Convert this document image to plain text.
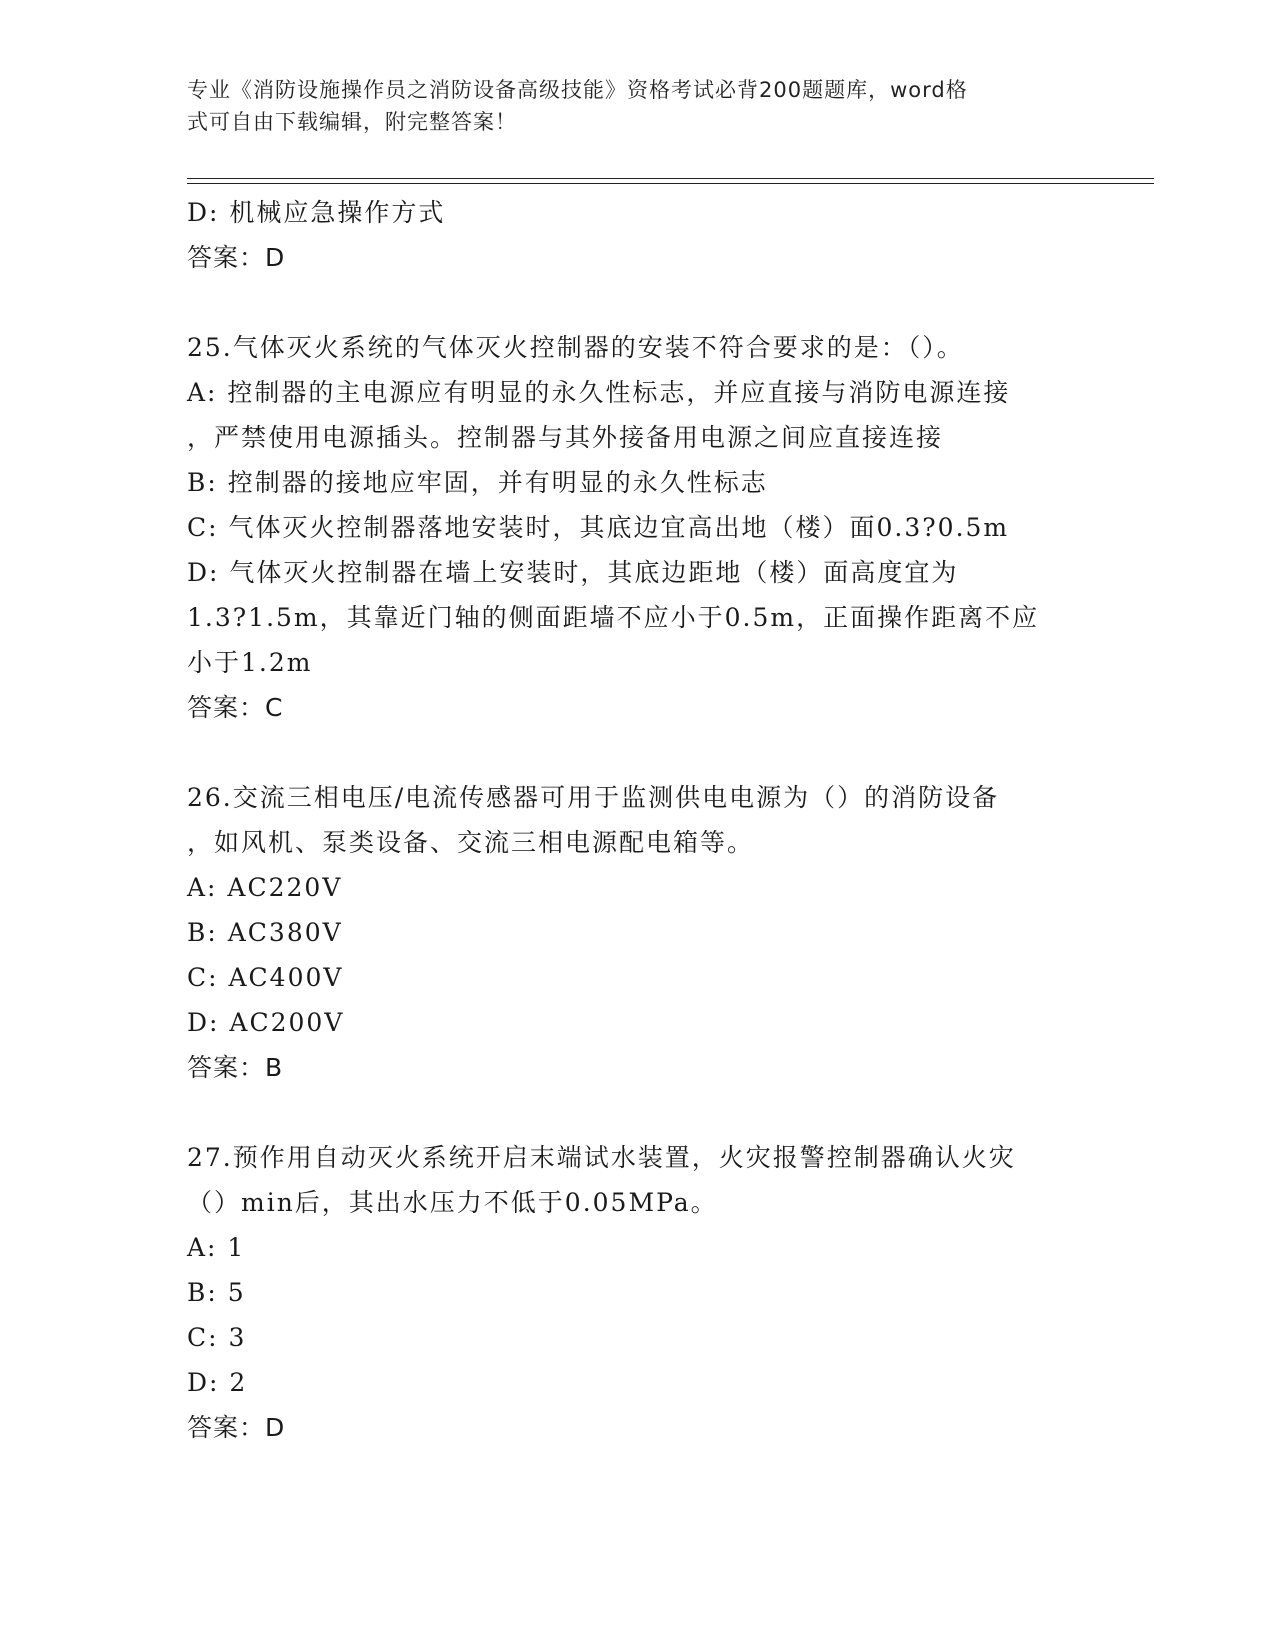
专业《消防设施操作员之消防设备高级技能》资格考试必背200题题库，word格
式可自由下载编辑，附完整答案！
D: 机械应急操作方式
答案：D
25.气体灭火系统的气体灭火控制器的安装不符合要求的是：（）。
A: 控制器的主电源应有明显的永久性标志，并应直接与消防电源连接
，严禁使用电源插头。控制器与其外接备用电源之间应直接连接
B: 控制器的接地应牢固，并有明显的永久性标志
C: 气体灭火控制器落地安装时，其底边宜高出地（楼）面0.3?0.5m
D: 气体灭火控制器在墙上安装时，其底边距地（楼）面高度宜为
1.3?1.5m，其靠近门轴的侧面距墙不应小于0.5m，正面操作距离不应
小于1.2m
答案：C
26.交流三相电压/电流传感器可用于监测供电电源为（）的消防设备
，如风机、泵类设备、交流三相电源配电箱等。
A: AC220V
B: AC380V
C: AC400V
D: AC200V
答案：B
27.预作用自动灭火系统开启末端试水装置，火灾报警控制器确认火灾
（）min后，其出水压力不低于0.05MPa。
A: 1
B: 5
C: 3
D: 2
答案：D
